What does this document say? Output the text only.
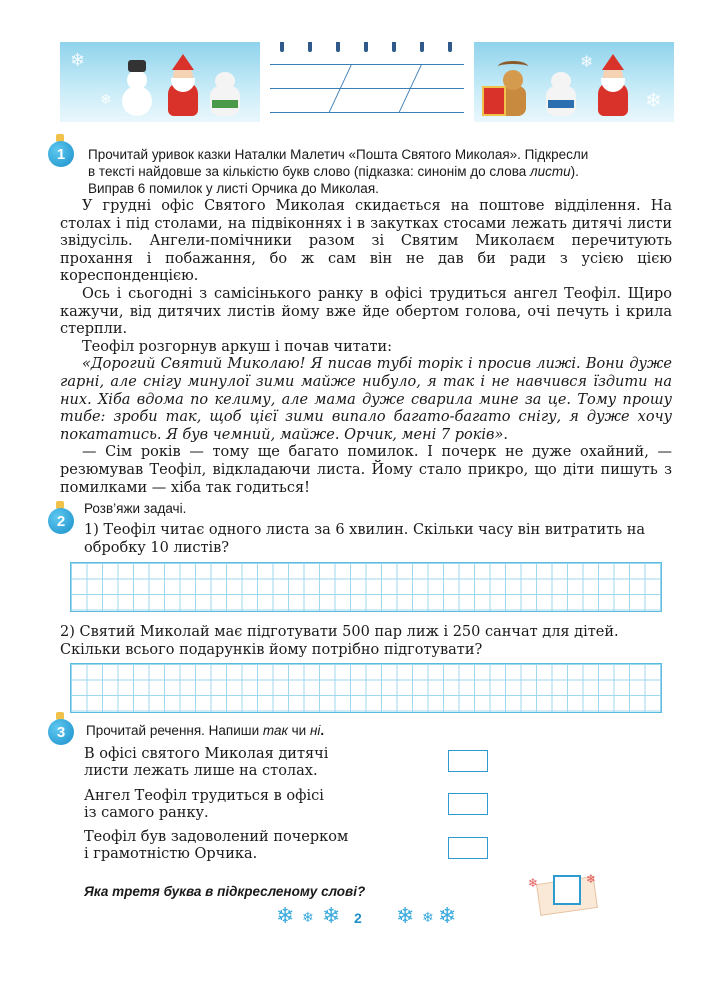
❄
❄
❄
❄
1	Прочитай уривок казки Наталки Малетич «Пошта Святого Миколая». Підкресли
в тексті найдовше за кількістю букв слово (підказка: синонім до слова листи).
Виправ 6 помилок у листі Орчика до Миколая.

У грудні офіс Святого Миколая скидається на поштове відділення. На столах і під столами, на підвіконнях і в закутках стосами лежать дитячі листи звідусіль. Ангели-помічники разом зі Святим Миколаєм перечитують прохання і побажання, бо ж сам він не дав би ради з усією цією кореспонденцією.

Ось і сьогодні з самісінького ранку в офісі трудиться ангел Теофіл. Щиро кажучи, від дитячих листів йому вже йде обертом голова, очі печуть і крила стерпли.

Теофіл розгорнув аркуш і почав читати:

«Дорогий Святий Миколаю! Я писав тубі торік і просив лижі. Вони дуже гарні, але снігу минулої зими майже нибуло, я так і не навчився їздити на них. Хіба вдома по келиму, але мама дуже сварила мине за це. Тому прошу тибе: зроби так, щоб цієї зими випало багато-багато снігу, я дуже хочу покататись. Я був чемний, майже. Орчик, мені 7 років».

— Сім років — тому ще багато помилок. І почерк не дуже охайний, — резюмував Теофіл, відкладаючи листа. Йому стало прикро, що діти пишуть з помилками — хіба так годиться!

2
Розв’яжи задачі.
1) Теофіл читає одного листа за 6 хвилин. Скільки часу він витратить на обробку 10 листів?
2) Святий Миколай має підготувати 500 пар лиж і 250 санчат для дітей. Скільки всього подарунків йому потрібно підготувати?
3	Прочитай речення. Напиши так чи ні.
В офісі святого Миколая дитячі
листи лежать лише на столах.
Ангел Теофіл трудиться в офісі
із самого ранку.
Теофіл був задоволений почерком
і грамотністю Орчика.
Яка третя буква в підкресленому слові?
❄	❄
❄ ❄ ❄	❄ ❄ ❄
2
